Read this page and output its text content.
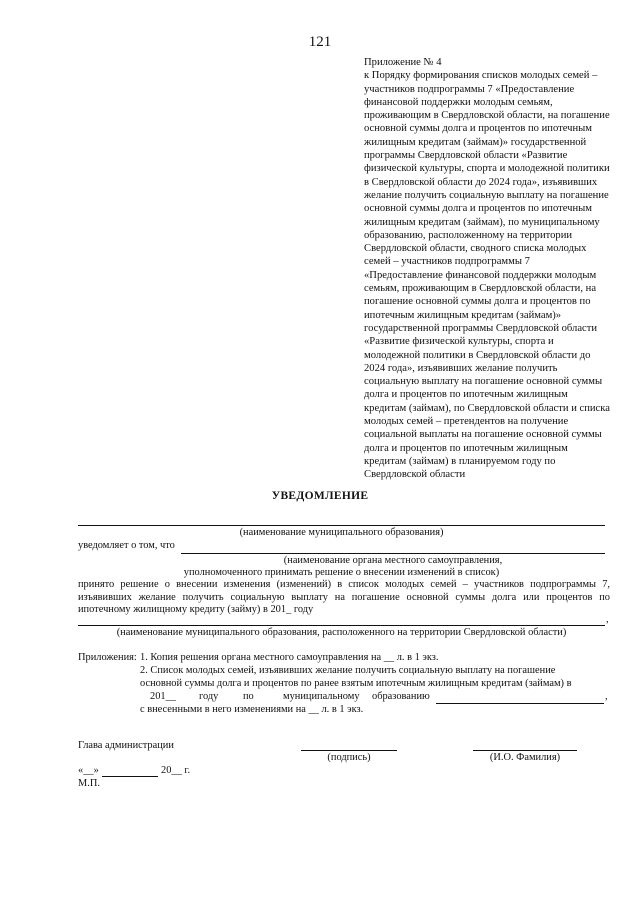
121
Приложение № 4
к Порядку формирования списков молодых семей – участников подпрограммы 7 «Предоставление финансовой поддержки молодым семьям, проживающим в Свердловской области, на погашение основной суммы долга и процентов по ипотечным жилищным кредитам (займам)» государственной программы Свердловской области «Развитие физической культуры, спорта и молодежной политики в Свердловской области до 2024 года», изъявивших желание получить социальную выплату на погашение основной суммы долга и процентов по ипотечным жилищным кредитам (займам), по муниципальному образованию, расположенному на территории Свердловской области, сводного списка молодых семей – участников подпрограммы 7 «Предоставление финансовой поддержки молодым семьям, проживающим в Свердловской области, на погашение основной суммы долга и процентов по ипотечным жилищным кредитам (займам)» государственной программы Свердловской области «Развитие физической культуры, спорта и молодежной политики в Свердловской области до 2024 года», изъявивших желание получить социальную выплату на погашение основной суммы долга и процентов по ипотечным жилищным кредитам (займам), по Свердловской области и списка молодых семей – претендентов на получение социальной выплаты на погашение основной суммы долга и процентов по ипотечным жилищным кредитам (займам) в планируемом году по Свердловской области
УВЕДОМЛЕНИЕ
(наименование муниципального образования)
уведомляет о том, что
(наименование органа местного самоуправления,
уполномоченного принимать решение о внесении изменений в список)
принято решение о внесении изменения (изменений) в список молодых семей – участников подпрограммы 7, изъявивших желание получить социальную выплату на погашение основной суммы долга или процентов по ипотечному жилищному кредиту (займу) в 201_ году
,
(наименование муниципального образования, расположенного на территории Свердловской области)
Приложения: 1. Копия решения органа местного самоуправления на __ л. в 1 экз.
2. Список молодых семей, изъявивших желание получить социальную выплату на погашение
основной суммы долга и процентов по ранее взятым ипотечным жилищным кредитам (займам) в
201__ году по	муниципальному образованию	,
с внесенными в него изменениями на __ л. в 1 экз.
Глава администрации
(подпись)	(И.О. Фамилия)
«__»	20__ г.
М.П.
